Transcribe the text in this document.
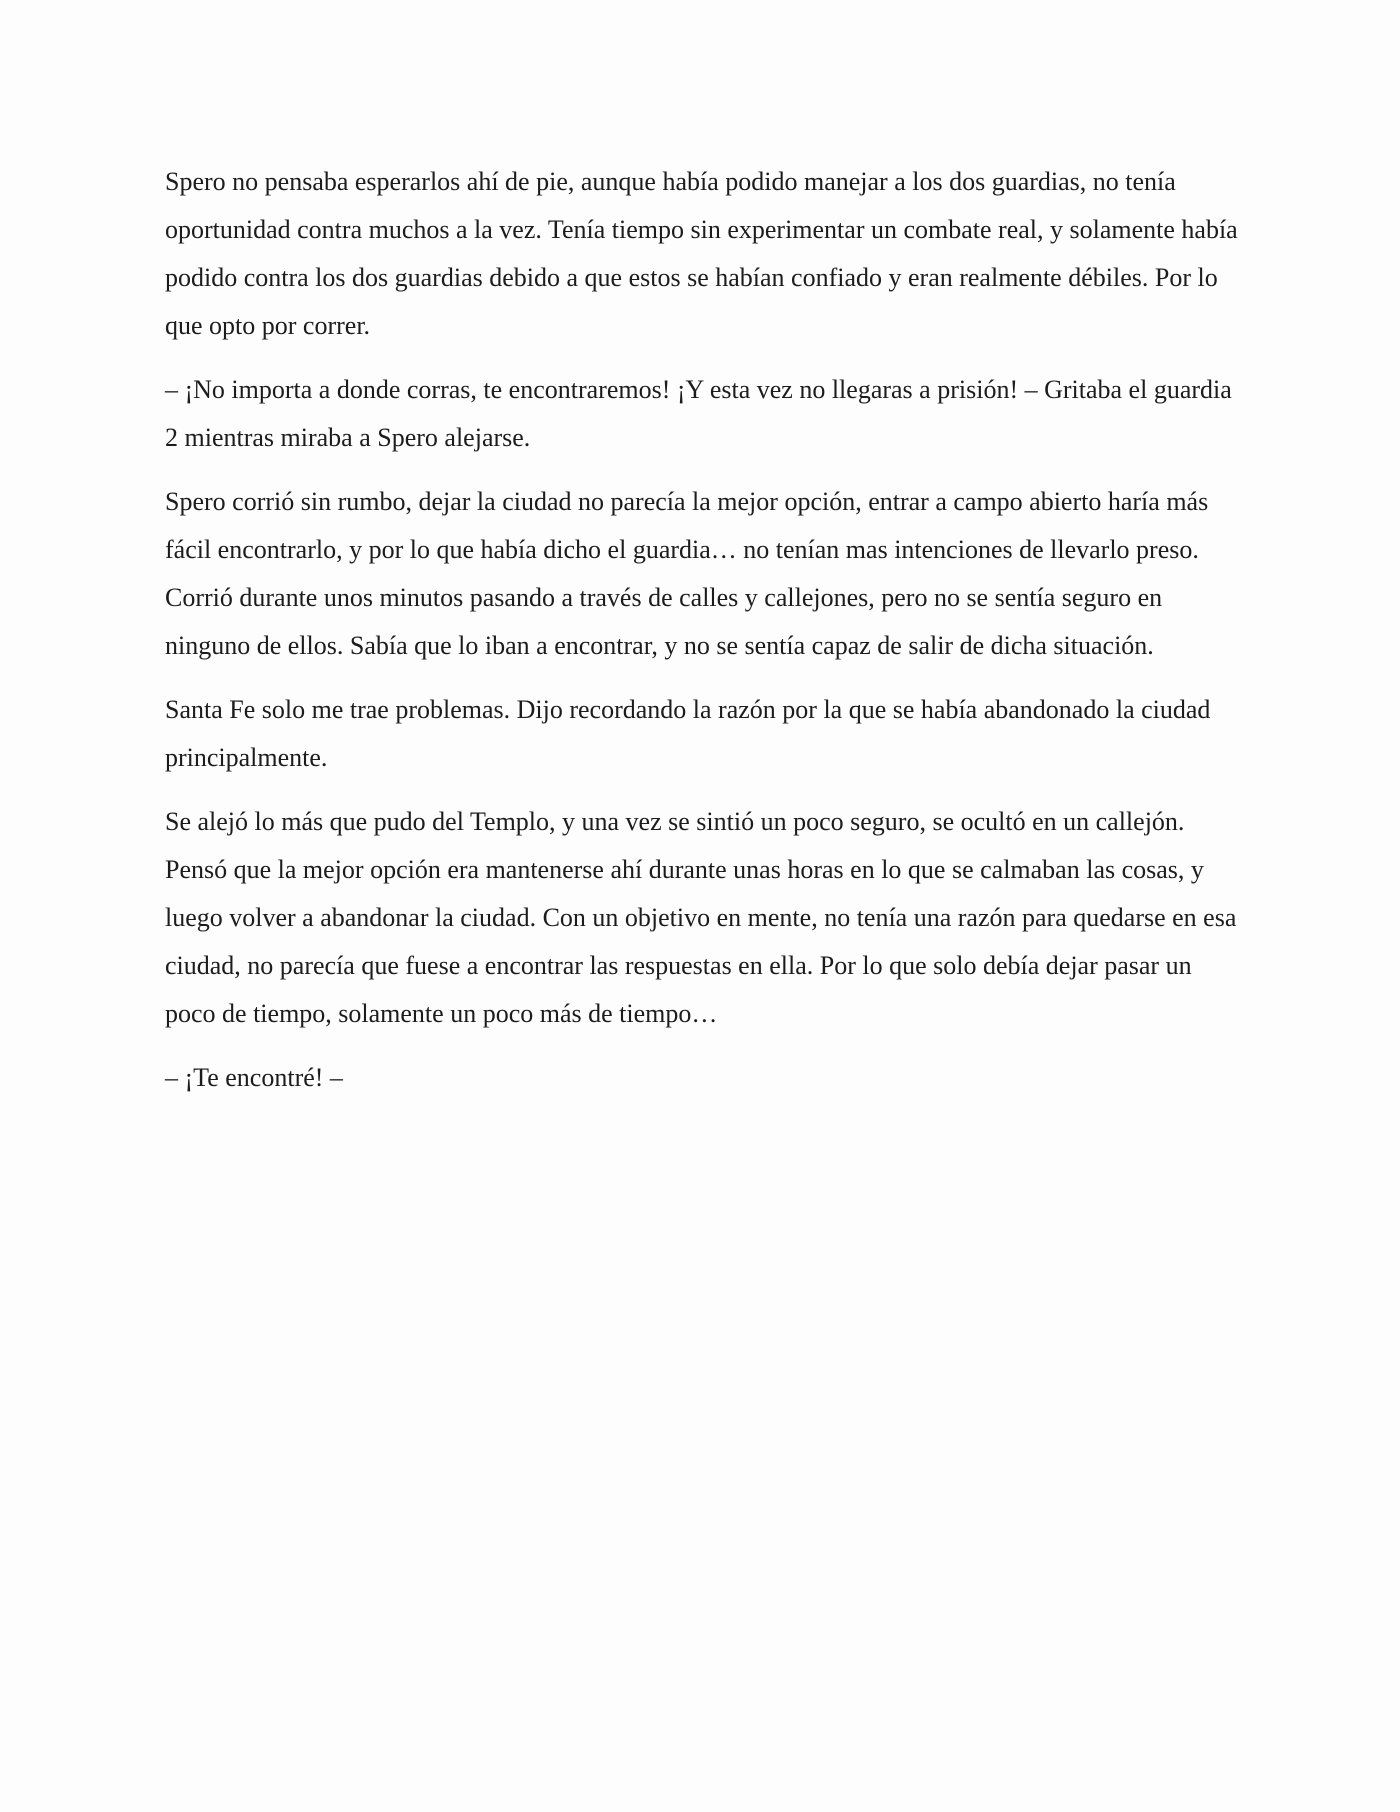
Spero no pensaba esperarlos ahí de pie, aunque había podido manejar a los dos guardias, no tenía oportunidad contra muchos a la vez. Tenía tiempo sin experimentar un combate real, y solamente había podido contra los dos guardias debido a que estos se habían confiado y eran realmente débiles. Por lo que opto por correr.

– ¡No importa a donde corras, te encontraremos! ¡Y esta vez no llegaras a prisión! – Gritaba el guardia 2 mientras miraba a Spero alejarse.

Spero corrió sin rumbo, dejar la ciudad no parecía la mejor opción, entrar a campo abierto haría más fácil encontrarlo, y por lo que había dicho el guardia… no tenían mas intenciones de llevarlo preso. Corrió durante unos minutos pasando a través de calles y callejones, pero no se sentía seguro en ninguno de ellos. Sabía que lo iban a encontrar, y no se sentía capaz de salir de dicha situación.

Santa Fe solo me trae problemas. Dijo recordando la razón por la que se había abandonado la ciudad principalmente.

Se alejó lo más que pudo del Templo, y una vez se sintió un poco seguro, se ocultó en un callejón. Pensó que la mejor opción era mantenerse ahí durante unas horas en lo que se calmaban las cosas, y luego volver a abandonar la ciudad. Con un objetivo en mente, no tenía una razón para quedarse en esa ciudad, no parecía que fuese a encontrar las respuestas en ella. Por lo que solo debía dejar pasar un poco de tiempo, solamente un poco más de tiempo…

– ¡Te encontré! –
